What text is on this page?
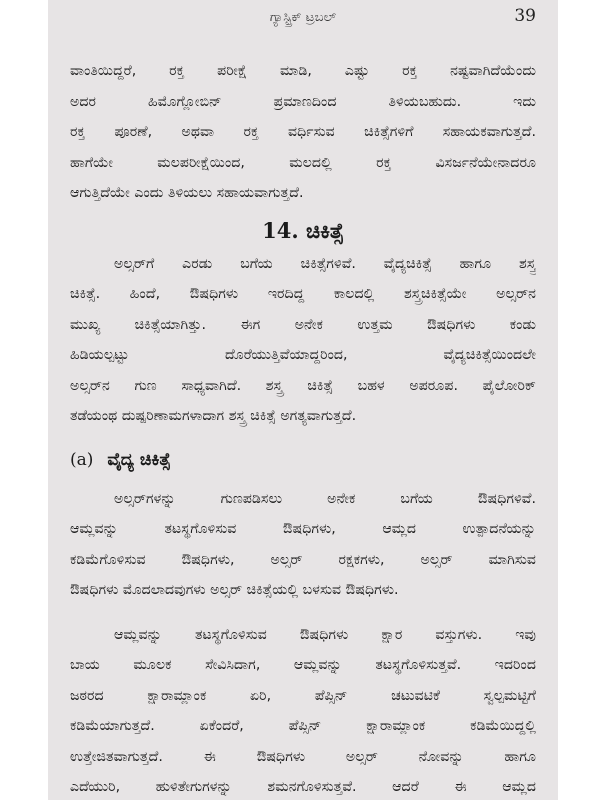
ಗ್ಯಾಸ್ಟ್ರಿಕ್ ಟ್ರಬಲ್	39
ವಾಂತಿಯಿದ್ದರೆ, ರಕ್ತ ಪರೀಕ್ಷೆ ಮಾಡಿ, ಎಷ್ಟು ರಕ್ತ ನಷ್ಟವಾಗಿದೆಯೆಂದು
ಅದರ ಹಿಮೊಗ್ಲೋಬಿನ್ ಪ್ರಮಾಣದಿಂದ ತಿಳಿಯಬಹುದು. ಇದು
ರಕ್ತ ಪೂರಣೆ, ಅಥವಾ ರಕ್ತ ವರ್ಧಿಸುವ ಚಿಕಿತ್ಸೆಗಳಿಗೆ ಸಹಾಯಕವಾಗುತ್ತದೆ.
ಹಾಗೆಯೇ ಮಲಪರೀಕ್ಷೆಯಿಂದ, ಮಲದಲ್ಲಿ ರಕ್ತ ವಿಸರ್ಜನೆಯೇನಾದರೂ
ಆಗುತ್ತಿದೆಯೇ ಎಂದು ತಿಳಿಯಲು ಸಹಾಯವಾಗುತ್ತದೆ.
14. ಚಿಕಿತ್ಸೆ
ಅಲ್ಸರ್‌ಗೆ ಎರಡು ಬಗೆಯ ಚಿಕಿತ್ಸೆಗಳಿವೆ. ವೈದ್ಯಚಿಕಿತ್ಸೆ ಹಾಗೂ ಶಸ್ತ್ರ
ಚಿಕಿತ್ಸೆ. ಹಿಂದೆ, ಔಷಧಿಗಳು ಇರದಿದ್ದ ಕಾಲದಲ್ಲಿ ಶಸ್ತ್ರಚಿಕಿತ್ಸೆಯೇ ಅಲ್ಸರ್‌ನ
ಮುಖ್ಯ ಚಿಕಿತ್ಸೆಯಾಗಿತ್ತು. ಈಗ ಅನೇಕ ಉತ್ತಮ ಔಷಧಿಗಳು ಕಂಡು
ಹಿಡಿಯಲ್ಪಟ್ಟು ದೊರೆಯುತ್ತಿವೆಯಾದ್ದರಿಂದ, ವೈದ್ಯಚಿಕಿತ್ಸೆಯಿಂದಲೇ
ಅಲ್ಸರ್‌ನ ಗುಣ ಸಾಧ್ಯವಾಗಿದೆ. ಶಸ್ತ್ರ ಚಿಕಿತ್ಸೆ ಬಹಳ ಅಪರೂಪ. ಪೈಲೋರಿಕ್
ತಡೆಯಂಥ ದುಷ್ಪರಿಣಾಮಗಳಾದಾಗ ಶಸ್ತ್ರ ಚಿಕಿತ್ಸೆ ಅಗತ್ಯವಾಗುತ್ತದೆ.
(a) ವೈದ್ಯ ಚಿಕಿತ್ಸೆ
ಅಲ್ಸರ್‌ಗಳನ್ನು ಗುಣಪಡಿಸಲು ಅನೇಕ ಬಗೆಯ ಔಷಧಿಗಳಿವೆ.
ಆಮ್ಲವನ್ನು ತಟಸ್ಥಗೊಳಿಸುವ ಔಷಧಿಗಳು, ಆಮ್ಲದ ಉತ್ಪಾದನೆಯನ್ನು
ಕಡಿಮೆಗೊಳಿಸುವ ಔಷಧಿಗಳು, ಅಲ್ಸರ್ ರಕ್ಷಕಗಳು, ಅಲ್ಸರ್ ಮಾಗಿಸುವ
ಔಷಧಿಗಳು ಮೊದಲಾದವುಗಳು ಅಲ್ಸರ್ ಚಿಕಿತ್ಸೆಯಲ್ಲಿ ಬಳಸುವ ಔಷಧಿಗಳು.
ಆಮ್ಲವನ್ನು ತಟಸ್ಥಗೊಳಿಸುವ ಔಷಧಿಗಳು ಕ್ಷಾರ ವಸ್ತುಗಳು. ಇವು
ಬಾಯ ಮೂಲಕ ಸೇವಿಸಿದಾಗ, ಆಮ್ಲವನ್ನು ತಟಸ್ಥಗೊಳಿಸುತ್ತವೆ. ಇದರಿಂದ
ಜಠರದ ಕ್ಷಾರಾಮ್ಲಾಂಕ ಏರಿ, ಪೆಪ್ಸಿನ್ ಚಟುವಟಿಕೆ ಸ್ವಲ್ಪಮಟ್ಟಿಗೆ
ಕಡಿಮೆಯಾಗುತ್ತದೆ. ಏಕೆಂದರೆ, ಪೆಪ್ಸಿನ್ ಕ್ಷಾರಾಮ್ಲಾಂಕ ಕಡಿಮೆಯಿದ್ದಲ್ಲಿ
ಉತ್ತೇಜಿತವಾಗುತ್ತದೆ. ಈ ಔಷಧಿಗಳು ಅಲ್ಸರ್ ನೋವನ್ನು ಹಾಗೂ
ಎದೆಯುರಿ, ಹುಳಿತೇಗುಗಳನ್ನು ಶಮನಗೊಳಿಸುತ್ತವೆ. ಆದರೆ ಈ ಆಮ್ಲದ
